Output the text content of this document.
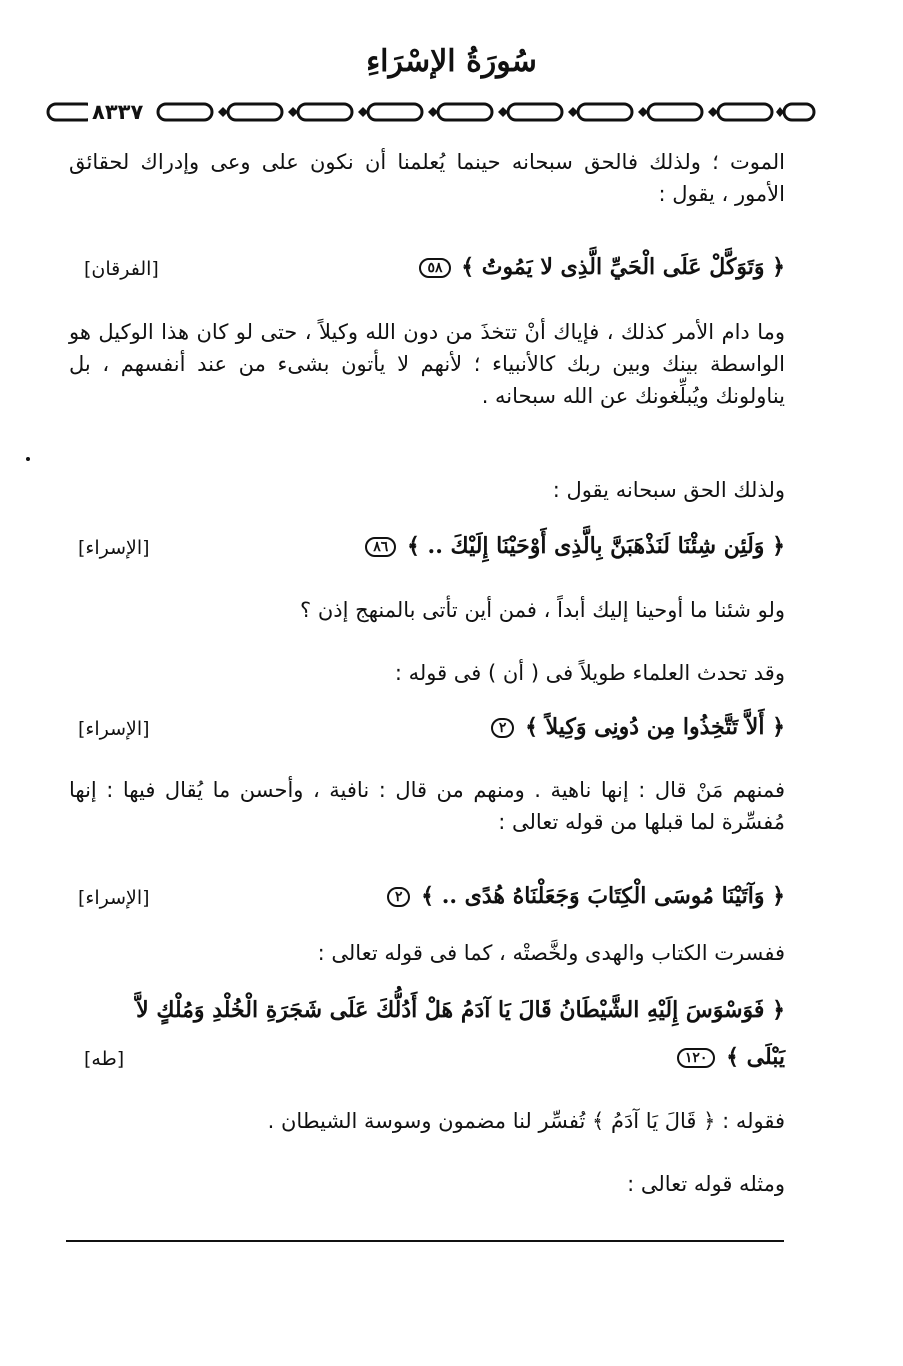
سُورَةُ الإسْرَاءِ
٨٣٣٧

الموت ؛ ولذلك فالحق سبحانه حينما يُعلمنا أن نكون على وعى وإدراك لحقائق الأمور ، يقول :

﴿ وَتَوَكَّلْ عَلَى الْحَيِّ الَّذِى لا يَمُوتُ ﴾ ٥٨
[الفرقان]

وما دام الأمر كذلك ، فإياك أنْ تتخذَ من دون الله وكيلاً ، حتى لو كان هذا الوكيل هو الواسطة بينك وبين ربك كالأنبياء ؛ لأنهم لا يأتون بشىء من عند أنفسهم ، بل يناولونك ويُبلِّغونك عن الله سبحانه .

ولذلك الحق سبحانه يقول :

﴿ وَلَئِن شِئْنَا لَنَذْهَبَنَّ بِالَّذِى أَوْحَيْنَا إِلَيْكَ .. ﴾ ٨٦
[الإسراء]

ولو شئنا ما أوحينا إليك أبداً ، فمن أين تأتى بالمنهج إذن ؟

وقد تحدث العلماء طويلاً فى ( أن ) فى قوله :

﴿ أَلاَّ تَتَّخِذُوا مِن دُونِى وَكِيلاً ﴾ ٢
[الإسراء]

فمنهم مَنْ قال : إنها ناهية . ومنهم من قال : نافية ، وأحسن ما يُقال فيها : إنها مُفسِّرة لما قبلها من قوله تعالى :

﴿ وَآتَيْنَا مُوسَى الْكِتَابَ وَجَعَلْنَاهُ هُدًى .. ﴾ ٢
[الإسراء]

ففسرت الكتاب والهدى ولخَّصتْه ، كما فى قوله تعالى :

﴿ فَوَسْوَسَ إِلَيْهِ الشَّيْطَانُ قَالَ يَا آدَمُ هَلْ أَدُلُّكَ عَلَى شَجَرَةِ الْخُلْدِ وَمُلْكٍ لاَّ
يَبْلَى ﴾ ١٢٠
[طه]

فقوله : ﴿ قَالَ يَا آدَمُ ﴾ تُفسِّر لنا مضمون وسوسة الشيطان .

ومثله قوله تعالى :
